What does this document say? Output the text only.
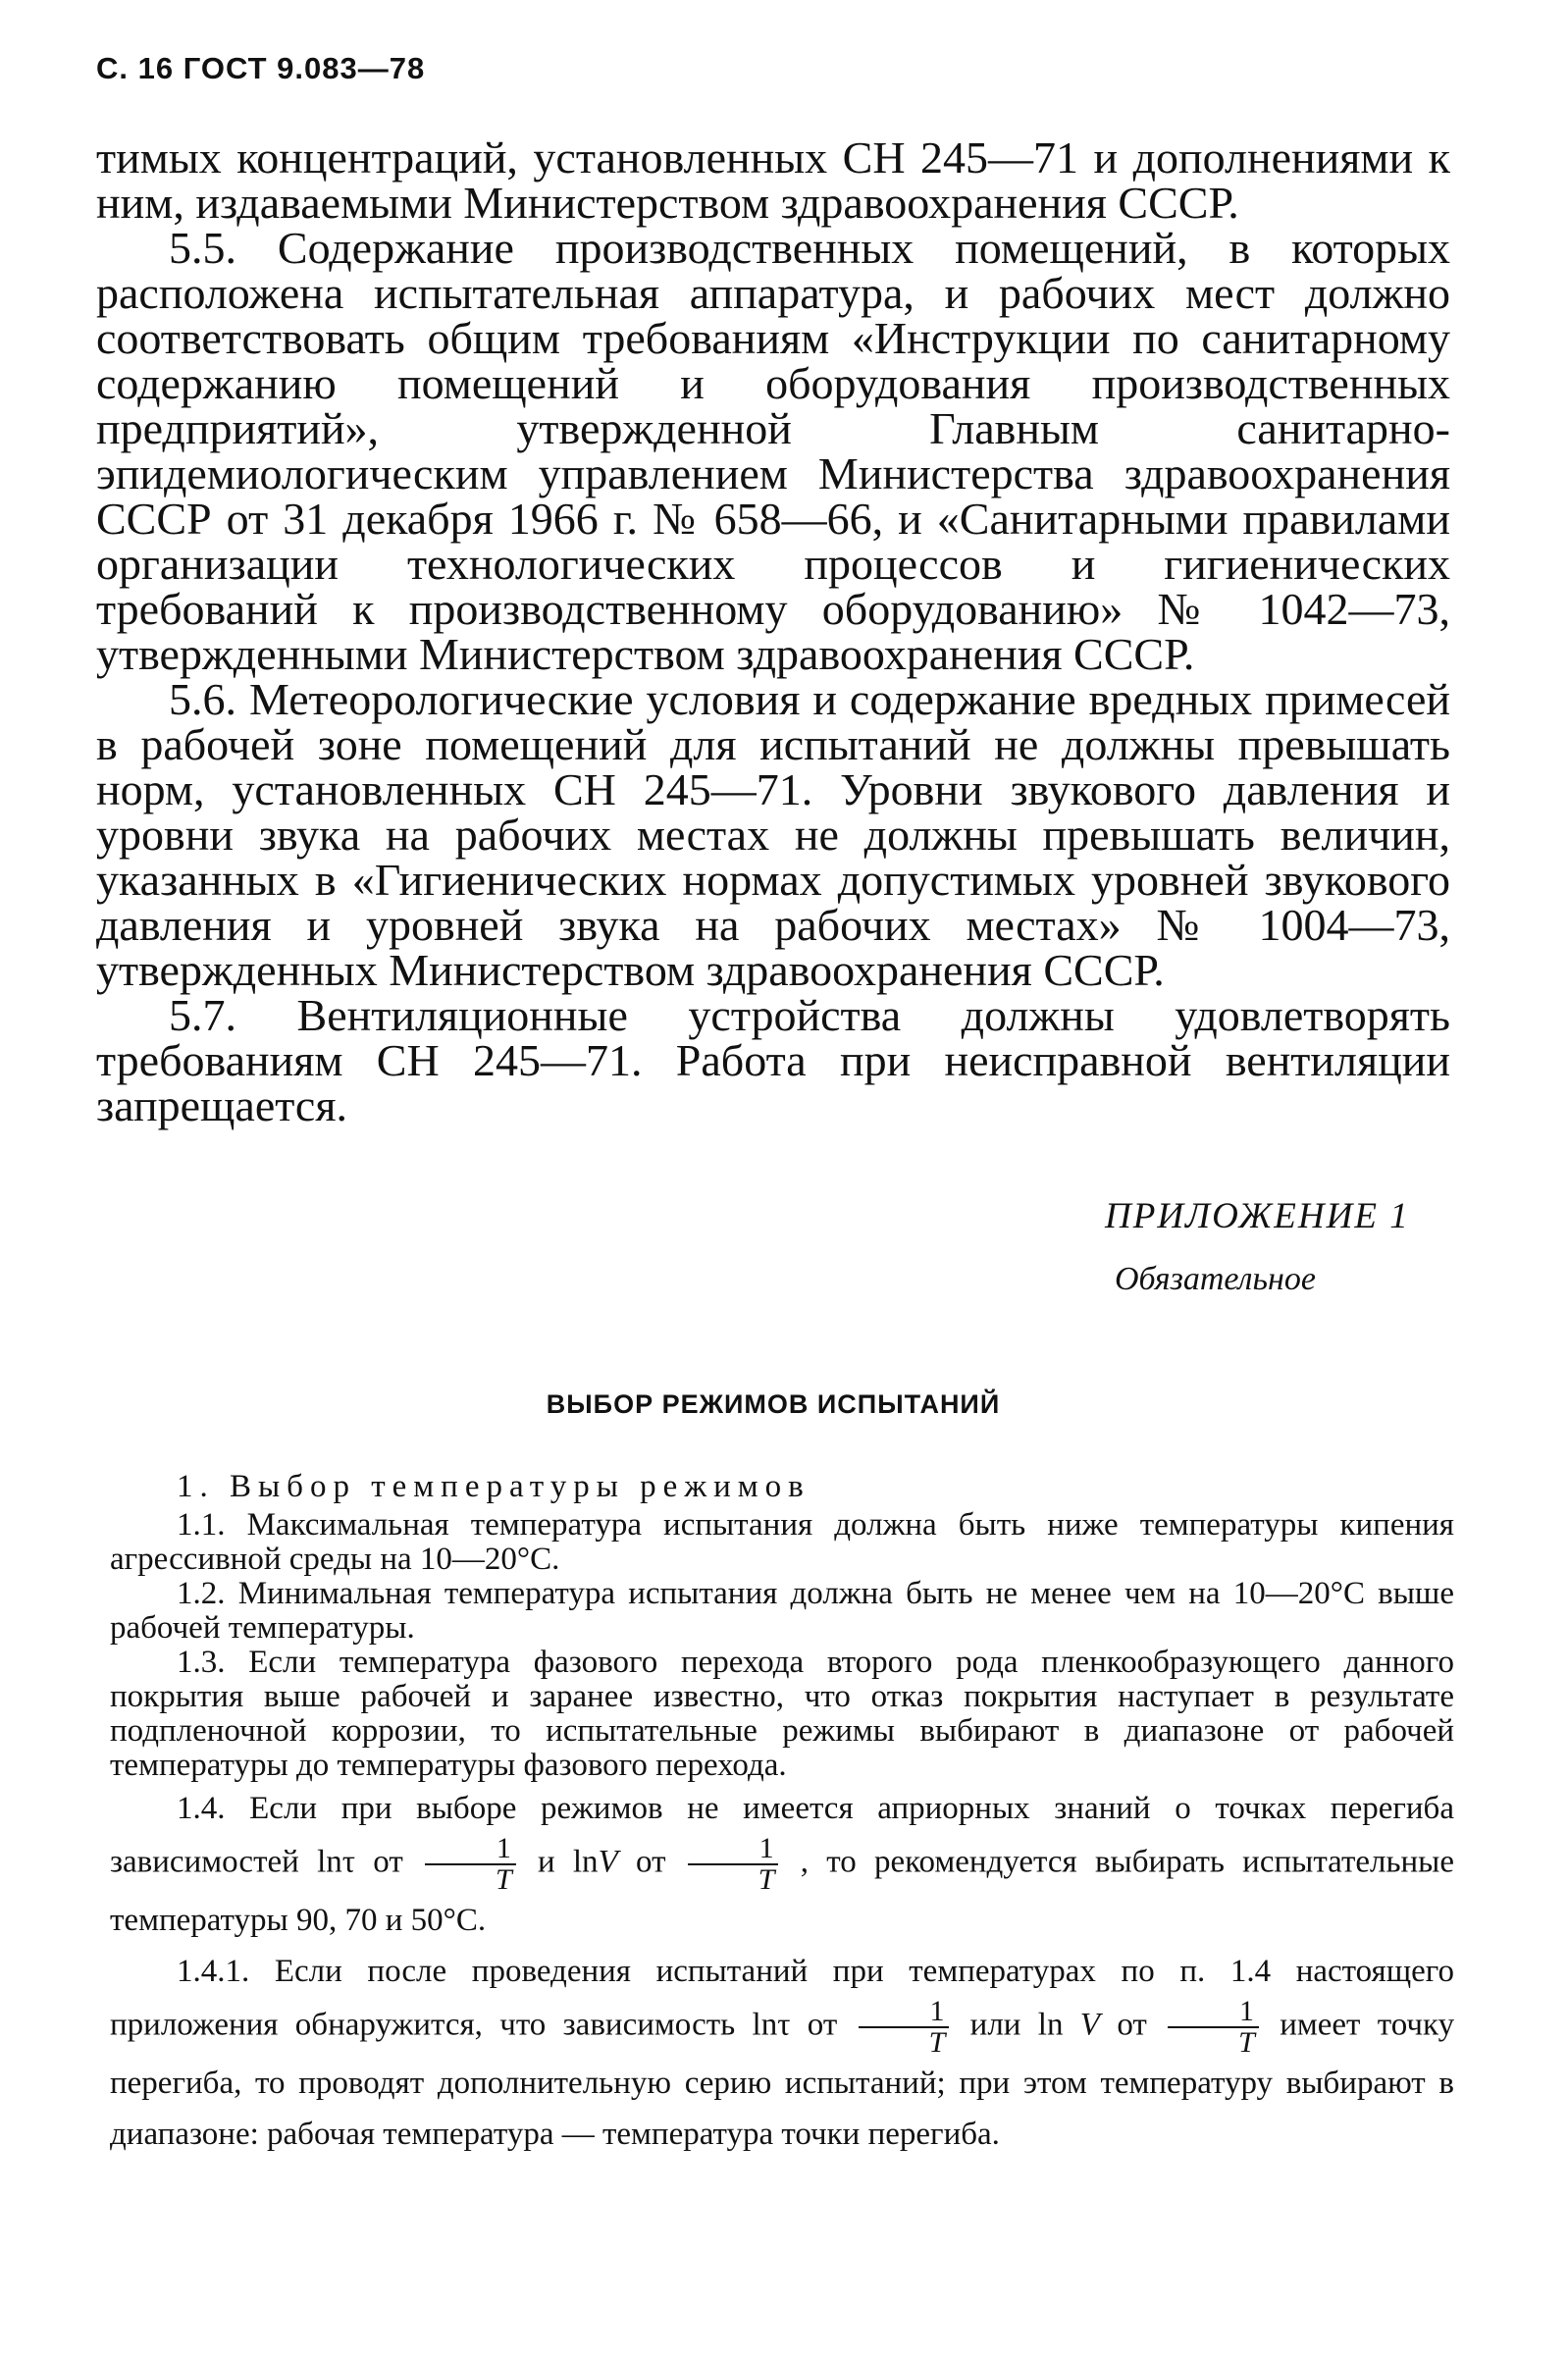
С. 16 ГОСТ 9.083—78

тимых концентраций, установленных СН 245—71 и дополнениями к ним, издаваемыми Министерством здравоохранения СССР.

5.5. Содержание производственных помещений, в которых расположена испытательная аппаратура, и рабочих мест должно соответствовать общим требованиям «Инструкции по санитарному содержанию помещений и оборудования производственных предприятий», утвержденной Главным санитарно-эпидемиологическим управлением Министерства здравоохранения СССР от 31 декабря 1966 г. № 658—66, и «Санитарными правилами организации технологических процессов и гигиенических требований к производственному оборудованию» № 1042—73, утвержденными Министерством здравоохранения СССР.

5.6. Метеорологические условия и содержание вредных примесей в рабочей зоне помещений для испытаний не должны превышать норм, установленных СН 245—71. Уровни звукового давления и уровни звука на рабочих местах не должны превышать величин, указанных в «Гигиенических нормах допустимых уровней звукового давления и уровней звука на рабочих местах» № 1004—73, утвержденных Министерством здравоохранения СССР.

5.7. Вентиляционные устройства должны удовлетворять требованиям СН 245—71. Работа при неисправной вентиляции запрещается.

ПРИЛОЖЕНИЕ 1
Обязательное
ВЫБОР РЕЖИМОВ ИСПЫТАНИЙ

1. Выбор температуры режимов

1.1. Максимальная температура испытания должна быть ниже температуры кипения агрессивной среды на 10—20°С.

1.2. Минимальная температура испытания должна быть не менее чем на 10—20°С выше рабочей температуры.

1.3. Если температура фазового перехода второго рода пленкообразующего данного покрытия выше рабочей и заранее известно, что отказ покрытия наступает в результате подпленочной коррозии, то испытательные режимы выбирают в диапазоне от рабочей температуры до температуры фазового перехода.

1.4. Если при выборе режимов не имеется априорных знаний о точках перегиба зависимостей lnτ от $\frac{1}{T}$ и lnV от $\frac{1}{T}$ , то рекомендуется выбирать испытательные температуры 90, 70 и 50°С.

1.4.1. Если после проведения испытаний при температурах по п. 1.4 настоящего приложения обнаружится, что зависимость lnτ от $\frac{1}{T}$ или ln V от $\frac{1}{T}$ имеет точку перегиба, то проводят дополнительную серию испытаний; при этом температуру выбирают в диапазоне: рабочая температура — температура точки перегиба.
